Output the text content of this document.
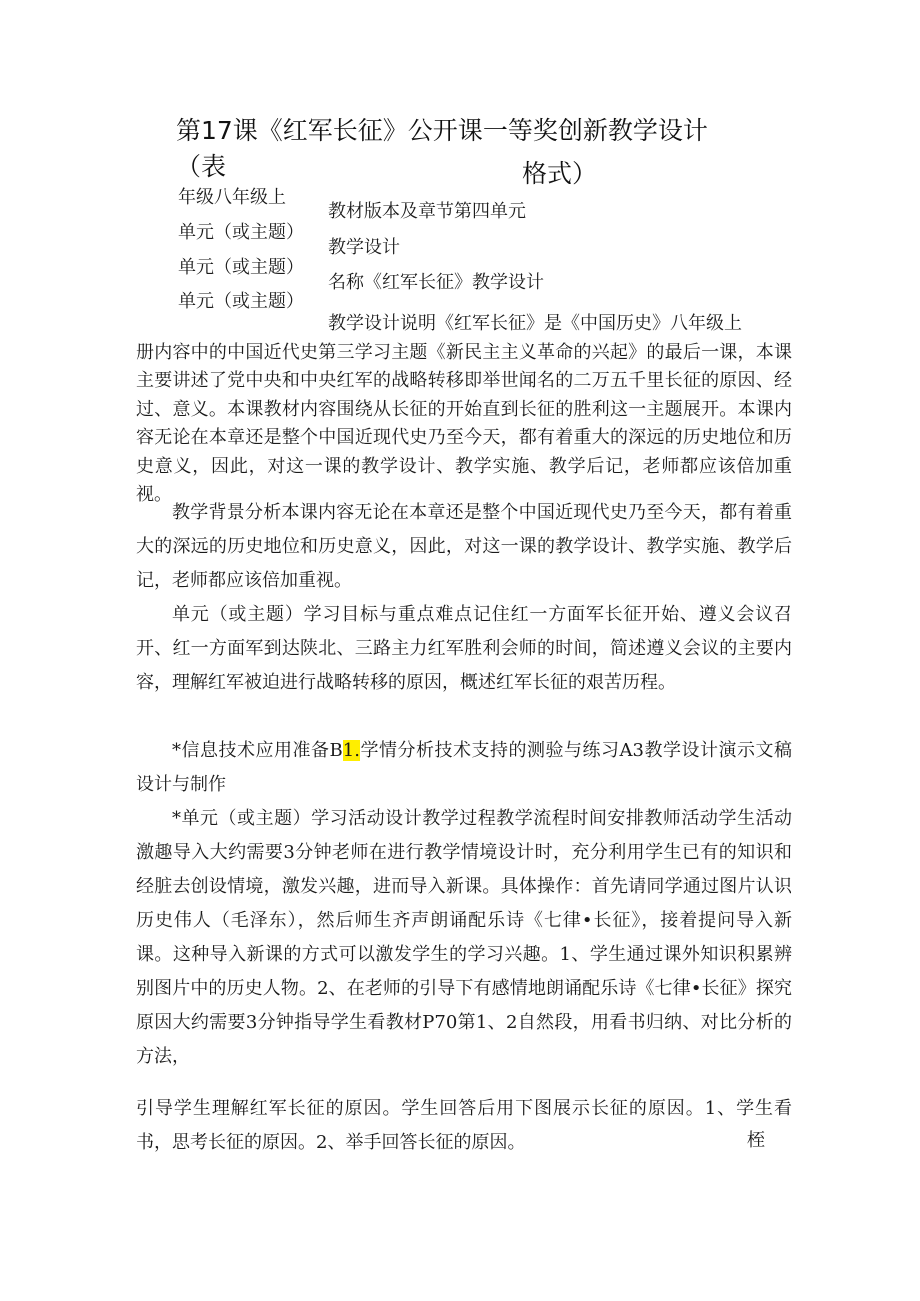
第17课《红军长征》公开课一等奖创新教学设计（表	格式）
年级八年级上
单元（或主题）
单元（或主题）
单元（或主题）
教材版本及章节第四单元
教学设计
名称《红军长征》教学设计
教学设计说明《红军长征》是《中国历史》八年级上
册内容中的中国近代史第三学习主题《新民主主义革命的兴起》的最后一课，本课主要讲述了党中央和中央红军的战略转移即举世闻名的二万五千里长征的原因、经过、意义。本课教材内容围绕从长征的开始直到长征的胜利这一主题展开。本课内容无论在本章还是整个中国近现代史乃至今天，都有着重大的深远的历史地位和历史意义，因此，对这一课的教学设计、教学实施、教学后记，老师都应该倍加重视。

教学背景分析本课内容无论在本章还是整个中国近现代史乃至今天，都有着重大的深远的历史地位和历史意义，因此，对这一课的教学设计、教学实施、教学后记，老师都应该倍加重视。

单元（或主题）学习目标与重点难点记住红一方面军长征开始、遵义会议召开、红一方面军到达陕北、三路主力红军胜利会师的时间，简述遵义会议的主要内容，理解红军被迫进行战略转移的原因，概述红军长征的艰苦历程。

*信息技术应用准备B1.学情分析技术支持的测验与练习A3教学设计演示文稿设计与制作

*单元（或主题）学习活动设计教学过程教学流程时间安排教师活动学生活动激趣导入大约需要3分钟老师在进行教学情境设计时，充分利用学生已有的知识和经脏去创设情境，激发兴趣，进而导入新课。具体操作：首先请同学通过图片认识历史伟人（毛泽东），然后师生齐声朗诵配乐诗《七律•长征》，接着提问导入新课。这种导入新课的方式可以激发学生的学习兴趣。1、学生通过课外知识积累辨别图片中的历史人物。2、在老师的引导下有感情地朗诵配乐诗《七律•长征》探究原因大约需要3分钟指导学生看教材P70第1、2自然段，用看书归纳、对比分析的方法，

引导学生理解红军长征的原因。学生回答后用下图展示长征的原因。1、学生看书，思考长征的原因。2、举手回答长征的原因。	桎
